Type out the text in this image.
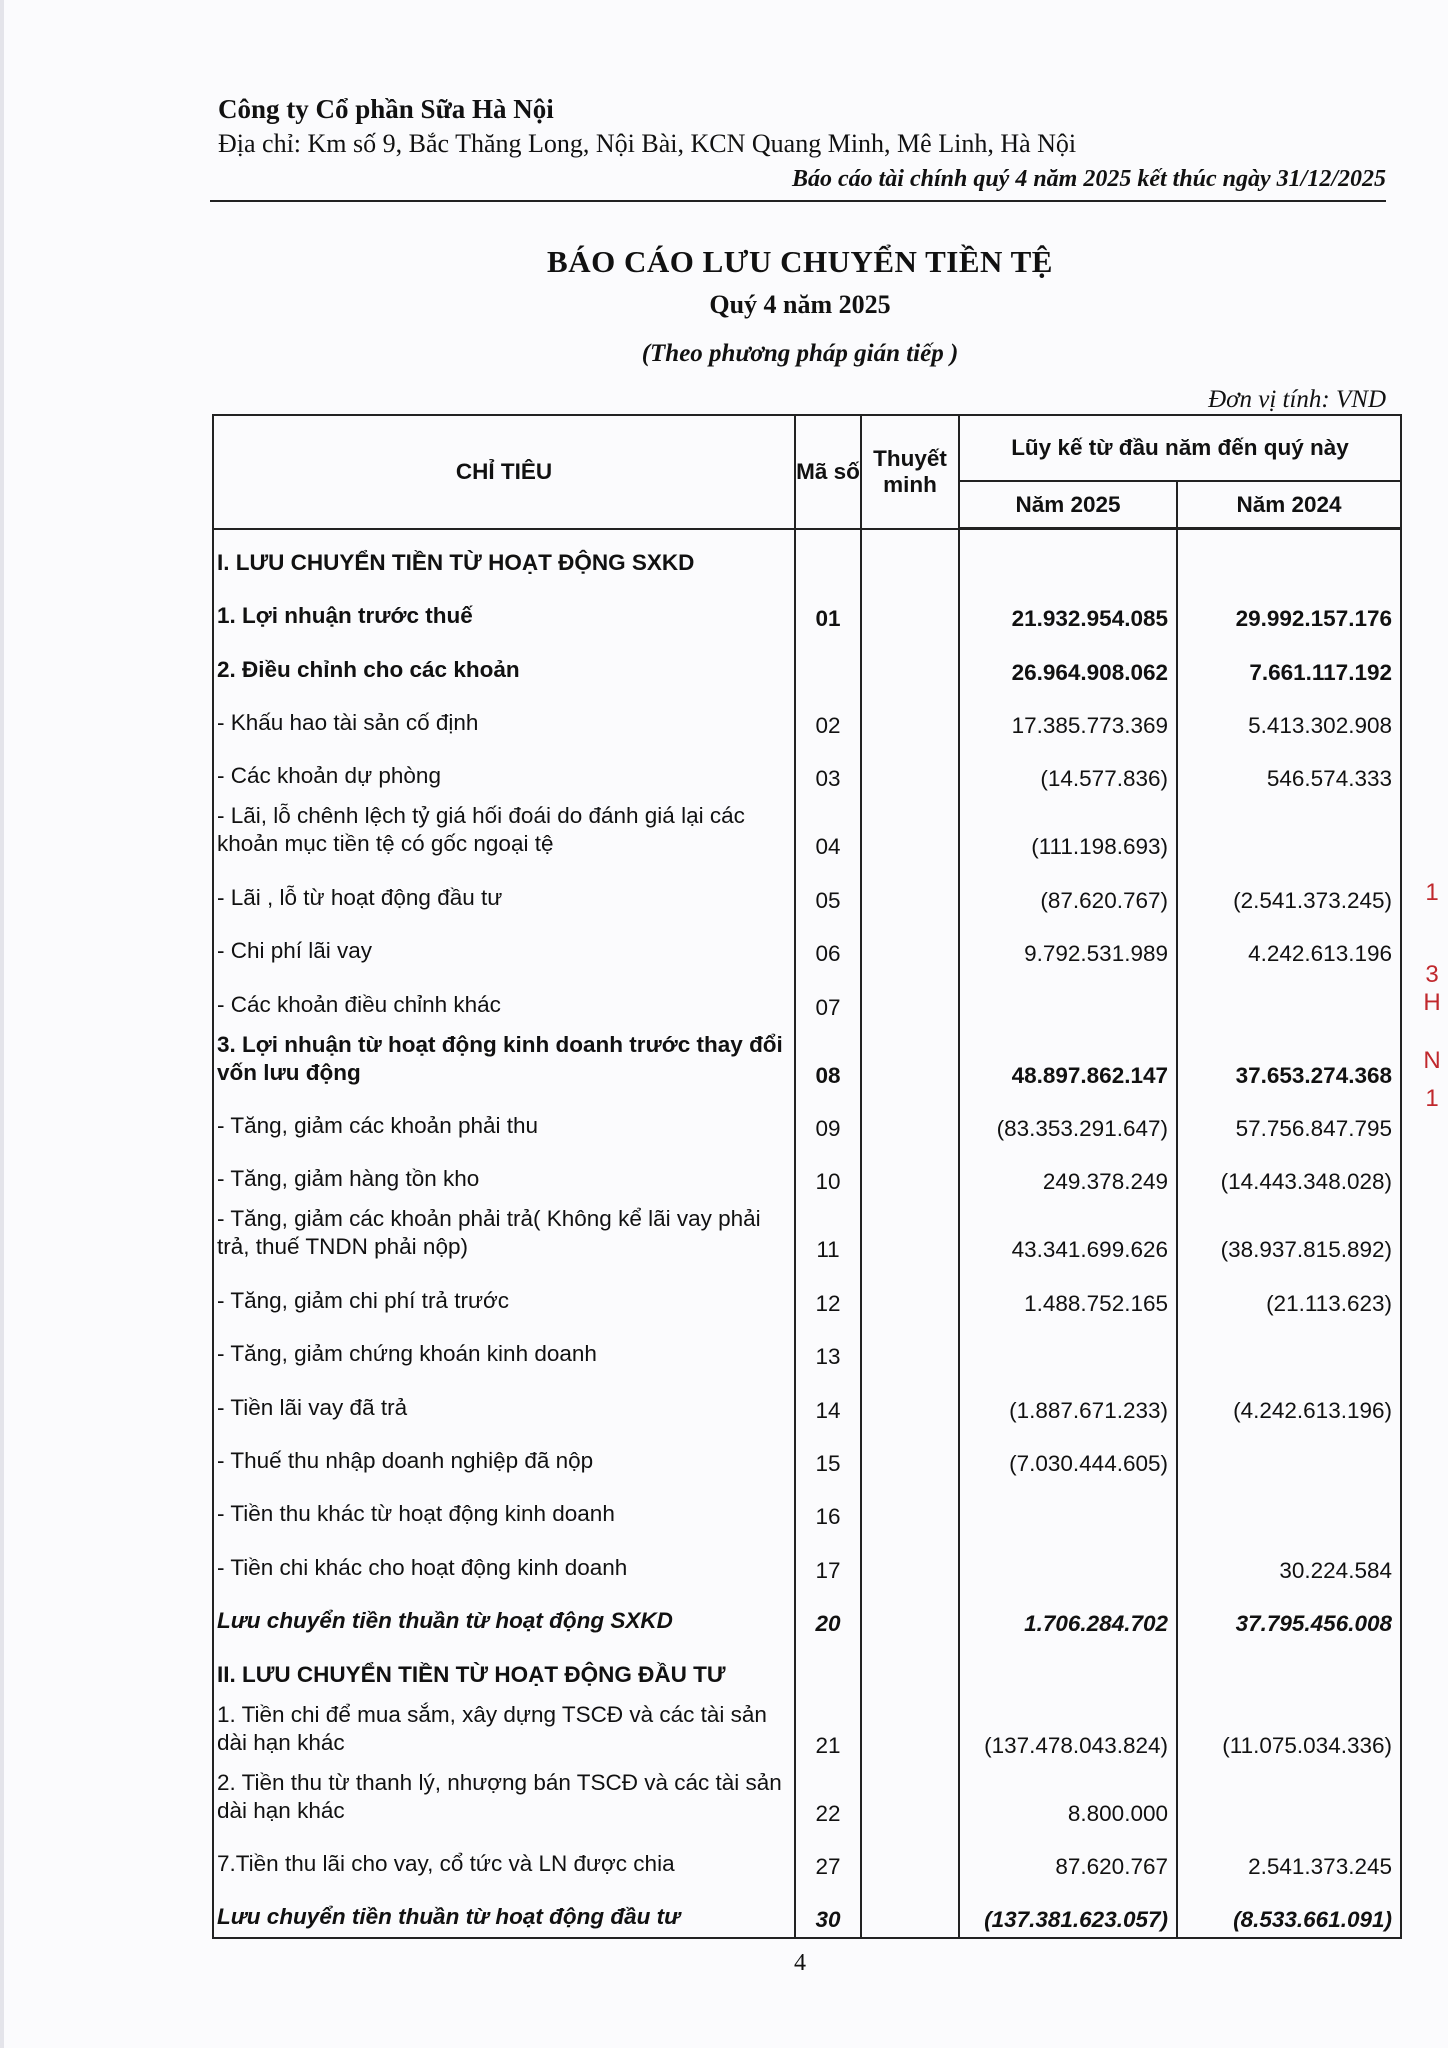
Công ty Cổ phần Sữa Hà Nội
Địa chỉ: Km số 9, Bắc Thăng Long, Nội Bài, KCN Quang Minh, Mê Linh, Hà Nội
Báo cáo tài chính quý 4 năm 2025 kết thúc ngày 31/12/2025
BÁO CÁO LƯU CHUYỂN TIỀN TỆ
Quý 4 năm 2025
(Theo phương pháp gián tiếp )
Đơn vị tính: VND
CHỈ TIÊU	Mã số	Thuyết minh	Lũy kế từ đầu năm đến quý này	
			Năm 2025	Năm 2024
I. LƯU CHUYỂN TIỀN TỪ HOẠT ĐỘNG SXKD				
1. Lợi nhuận trước thuế	01		21.932.954.085	29.992.157.176
2. Điều chỉnh cho các khoản			26.964.908.062	7.661.117.192
- Khấu hao tài sản cố định	02		17.385.773.369	5.413.302.908
- Các khoản dự phòng	03		(14.577.836)	546.574.333
- Lãi, lỗ chênh lệch tỷ giá hối đoái do đánh giá lại các khoản mục tiền tệ có gốc ngoại tệ	04		(111.198.693)	
- Lãi , lỗ từ hoạt động đầu tư	05		(87.620.767)	(2.541.373.245)
- Chi phí lãi vay	06		9.792.531.989	4.242.613.196
- Các khoản điều chỉnh khác	07			
3. Lợi nhuận từ hoạt động kinh doanh trước thay đổi vốn lưu động	08		48.897.862.147	37.653.274.368
- Tăng, giảm các khoản phải thu	09		(83.353.291.647)	57.756.847.795
- Tăng, giảm hàng tồn kho	10		249.378.249	(14.443.348.028)
- Tăng, giảm các khoản phải trả( Không kể lãi vay phải trả, thuế TNDN phải nộp)	11		43.341.699.626	(38.937.815.892)
- Tăng, giảm chi phí trả trước	12		1.488.752.165	(21.113.623)
- Tăng, giảm chứng khoán kinh doanh	13			
- Tiền lãi vay đã trả	14		(1.887.671.233)	(4.242.613.196)
- Thuế thu nhập doanh nghiệp đã nộp	15		(7.030.444.605)	
- Tiền thu khác từ hoạt động kinh doanh	16			
- Tiền chi khác cho hoạt động kinh doanh	17			30.224.584
Lưu chuyển tiền thuần từ hoạt động SXKD	20		1.706.284.702	37.795.456.008
II. LƯU CHUYỂN TIỀN TỪ HOẠT ĐỘNG ĐẦU TƯ				
1. Tiền chi để mua sắm, xây dựng TSCĐ và các tài sản dài hạn khác	21		(137.478.043.824)	(11.075.034.336)
2. Tiền thu từ thanh lý, nhượng bán TSCĐ và các tài sản dài hạn khác	22		8.800.000	
7.Tiền thu lãi cho vay, cổ tức và LN được chia	27		87.620.767	2.541.373.245
Lưu chuyển tiền thuần từ hoạt động đầu tư	30		(137.381.623.057)	(8.533.661.091)
4
1
3
H
N
1
